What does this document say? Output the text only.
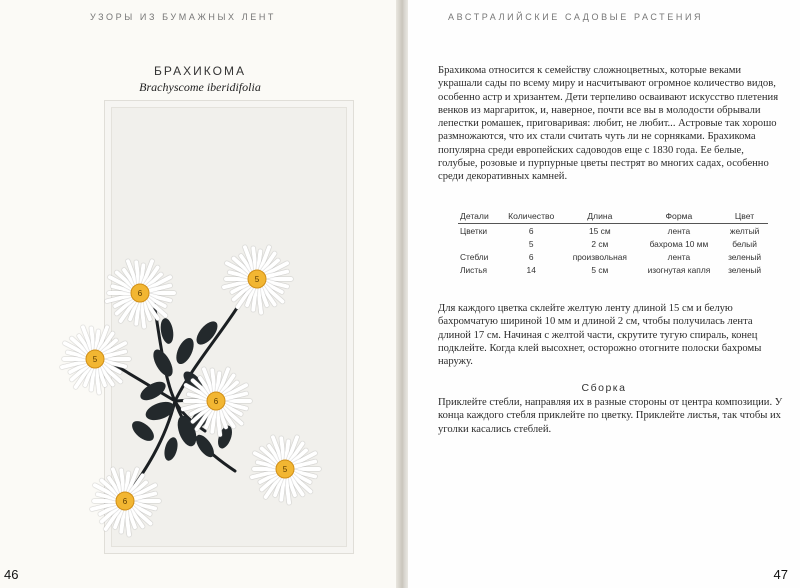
УЗОРЫ ИЗ БУМАЖНЫХ ЛЕНТ
БРАХИКОМА
Brachyscome iberidifolia
6
5
5
6
5
6
46
АВСТРАЛИЙСКИЕ САДОВЫЕ РАСТЕНИЯ
Брахикома относится к семейству сложноцветных, которые веками украшали сады по всему миру и насчитывают огромное количество видов, особенно астр и хризантем. Дети терпеливо осваивают искусство плетения венков из маргариток, и, наверное, почти все вы в молодости обрывали лепестки ромашек, приговаривая: любит, не любит... Астровые так хорошо размножаются, что их стали считать чуть ли не сорняками. Брахикома популярна среди европейских садоводов еще с 1830 года. Ее белые, голубые, розовые и пурпурные цветы пестрят во многих садах, особенно среди декоративных камней.
Детали	Количество	Длина	Форма	Цвет
Цветки	6	15 см	лента	желтый
	5	2 см	бахрома 10 мм	белый
Стебли	6	произвольная	лента	зеленый
Листья	14	5 см	изогнутая капля	зеленый
Для каждого цветка склейте желтую ленту длиной 15 см и белую бахромчатую шириной 10 мм и длиной 2 см, чтобы получилась лента длиной 17 см. Начиная с желтой части, скрутите тугую спираль, конец подклейте. Когда клей высохнет, осторожно отогните полоски бахромы наружу.
Сборка
Приклейте стебли, направляя их в разные стороны от центра композиции. У конца каждого стебля приклейте по цветку. Приклейте листья, так чтобы их уголки касались стеблей.
47
